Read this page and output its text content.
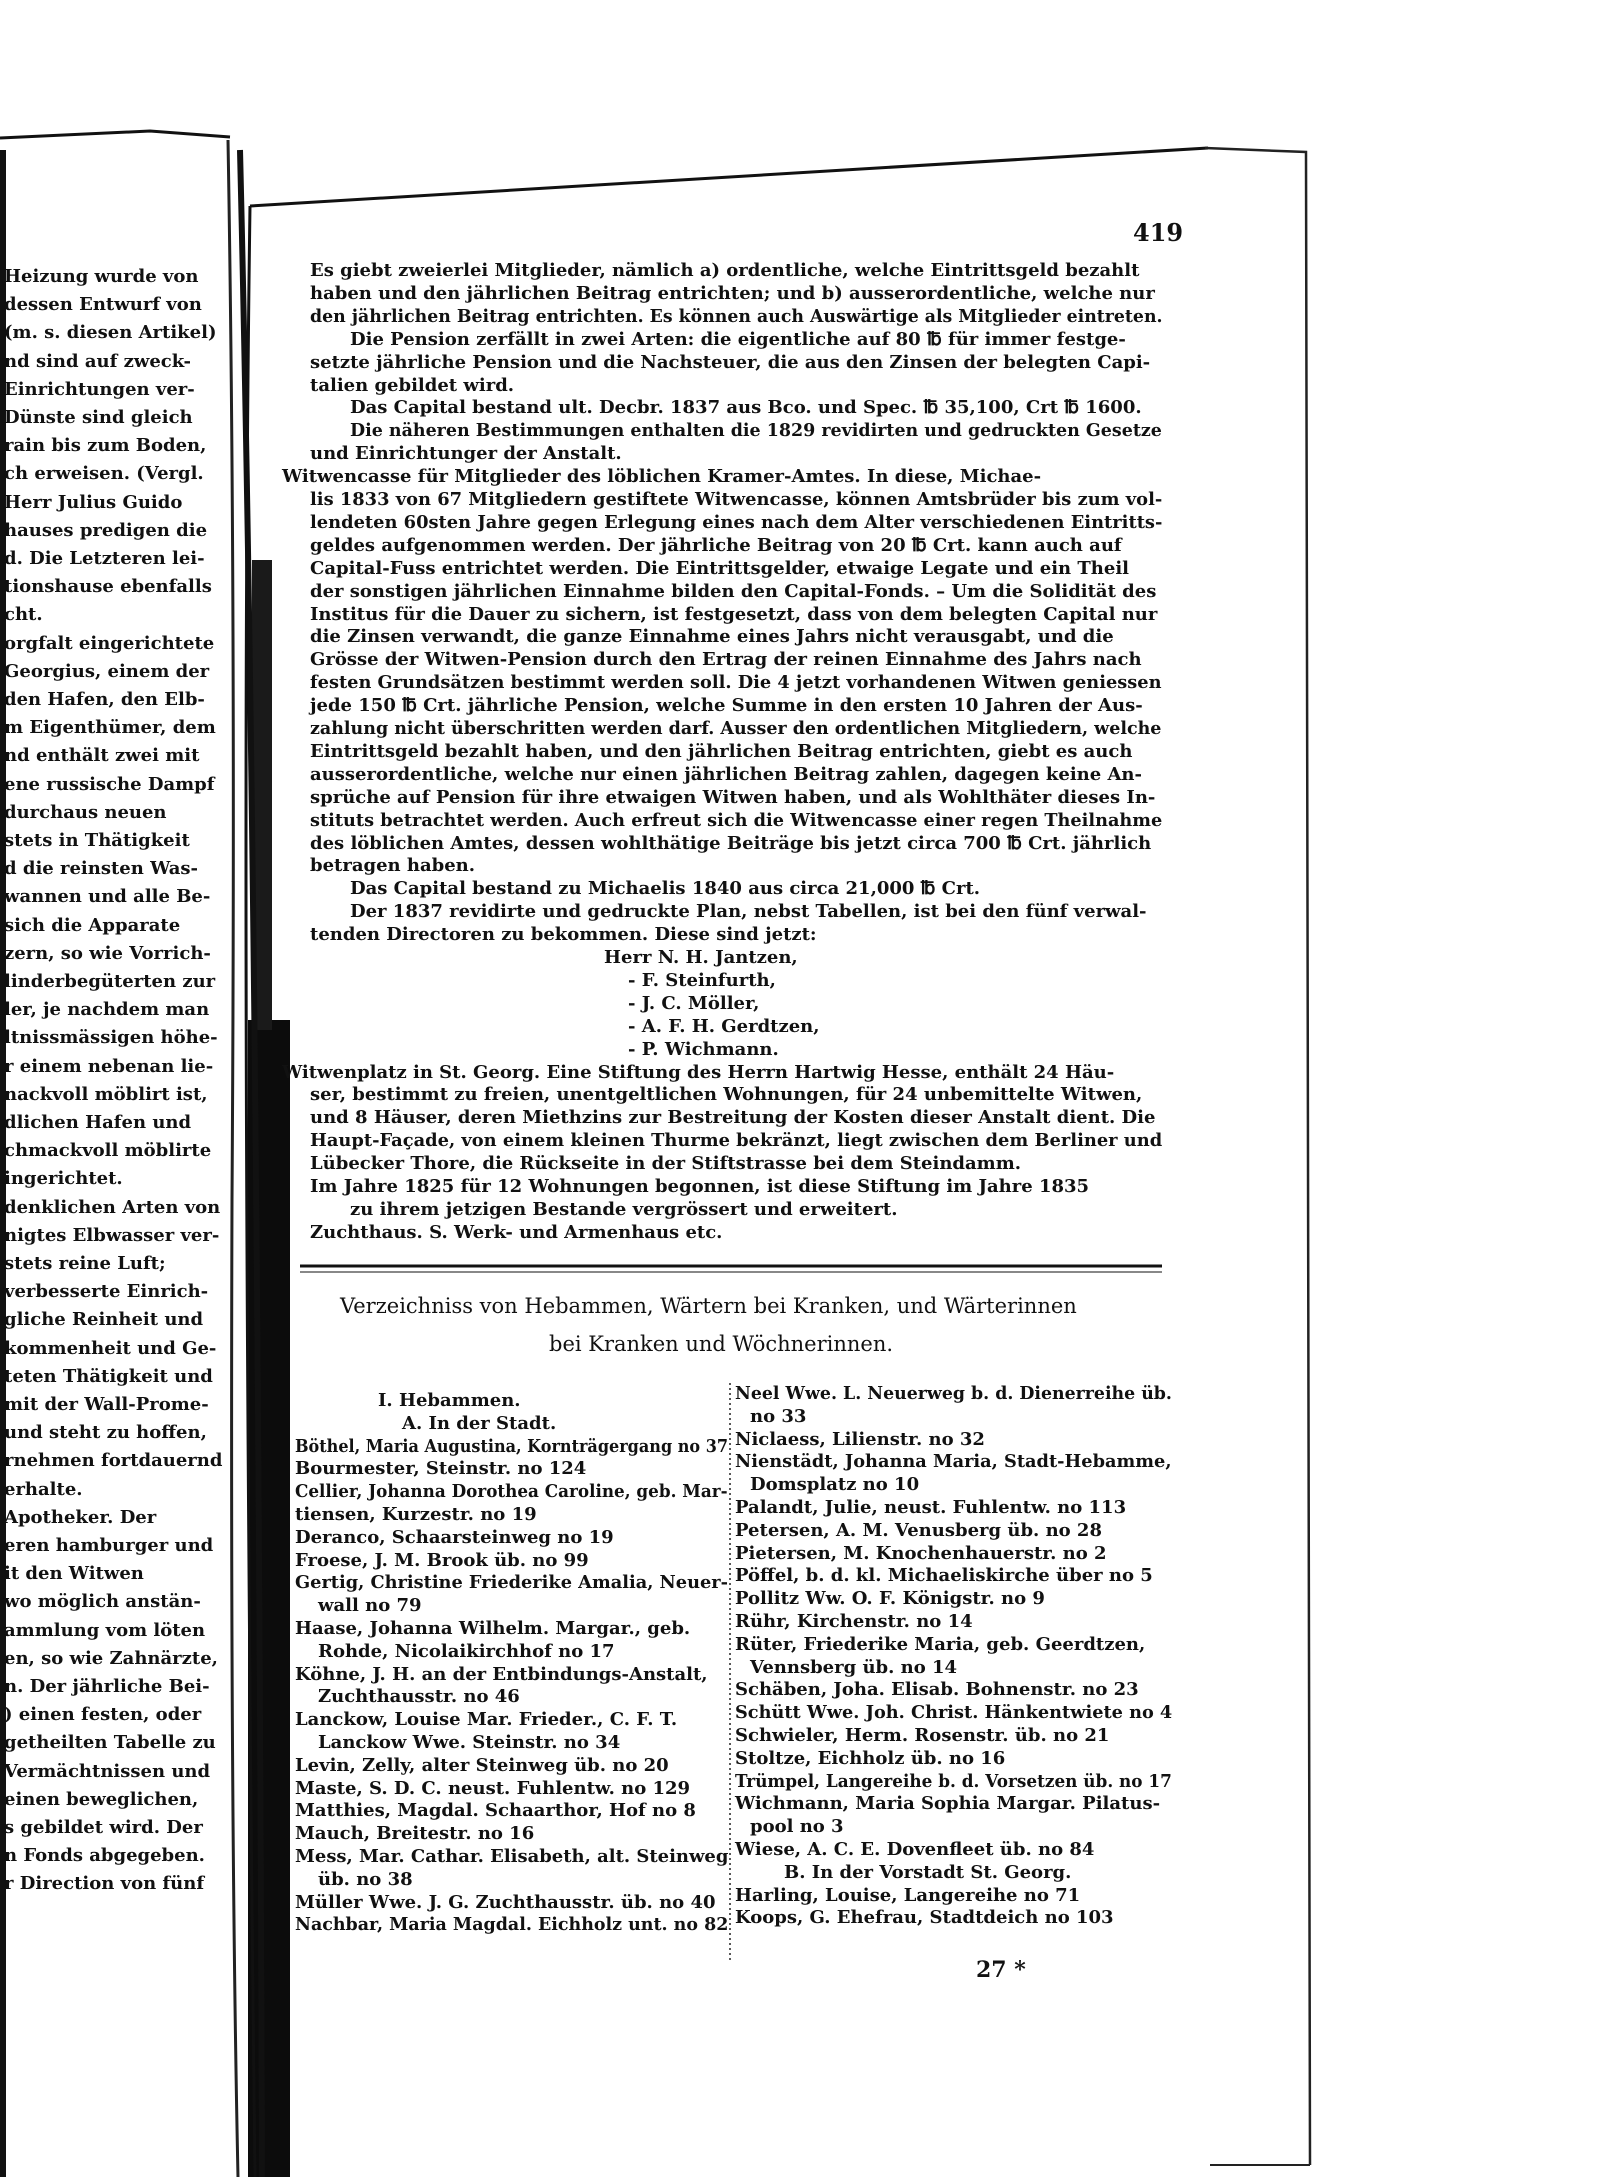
Heizung wurde von
dessen Entwurf von
(m. s. diesen Artikel)
nd sind auf zweck-
Einrichtungen ver-
Dünste sind gleich
rain bis zum Boden,
ch erweisen. (Vergl.
Herr Julius Guido
hauses predigen die
d. Die Letzteren lei-
tionshause ebenfalls
cht.
orgfalt eingerichtete
Georgius, einem der
den Hafen, den Elb-
m Eigenthümer, dem
nd enthält zwei mit
ene russische Dampf
durchaus neuen
stets in Thätigkeit
d die reinsten Was-
wannen und alle Be-
sich die Apparate
zern, so wie Vorrich-
linderbegüterten zur
ler, je nachdem man
ltnissmässigen höhe-
r einem nebenan lie-
nackvoll möblirt ist,
dlichen Hafen und
chmackvoll möblirte
ingerichtet.
denklichen Arten von
nigtes Elbwasser ver-
stets reine Luft;
verbesserte Einrich-
gliche Reinheit und
kommenheit und Ge-
teten Thätigkeit und
mit der Wall-Prome-
und steht zu hoffen,
rnehmen fortdauernd
erhalte.
Apotheker. Der
eren hamburger und
it den Witwen
wo möglich anstän-
ammlung vom löten
en, so wie Zahnärzte,
n. Der jährliche Bei-
) einen festen, oder
getheilten Tabelle zu
Vermächtnissen und
einen beweglichen,
s gebildet wird. Der
n Fonds abgegeben.
r Direction von fünf
419
Es giebt zweierlei Mitglieder, nämlich a) ordentliche, welche Eintrittsgeld bezahlt
haben und den jährlichen Beitrag entrichten; und b) ausserordentliche, welche nur
den jährlichen Beitrag entrichten. Es können auch Auswärtige als Mitglieder eintreten.
Die Pension zerfällt in zwei Arten: die eigentliche auf 80 ℔ für immer festge-
setzte jährliche Pension und die Nachsteuer, die aus den Zinsen der belegten Capi-
talien gebildet wird.
Das Capital bestand ult. Decbr. 1837 aus Bco. und Spec. ℔ 35,100, Crt ℔ 1600.
Die näheren Bestimmungen enthalten die 1829 revidirten und gedruckten Gesetze
und Einrichtunger der Anstalt.
Witwencasse für Mitglieder des löblichen Kramer-Amtes. In diese, Michae-
lis 1833 von 67 Mitgliedern gestiftete Witwencasse, können Amtsbrüder bis zum vol-
lendeten 60sten Jahre gegen Erlegung eines nach dem Alter verschiedenen Eintritts-
geldes aufgenommen werden. Der jährliche Beitrag von 20 ℔ Crt. kann auch auf
Capital-Fuss entrichtet werden. Die Eintrittsgelder, etwaige Legate und ein Theil
der sonstigen jährlichen Einnahme bilden den Capital-Fonds. – Um die Solidität des
Institus für die Dauer zu sichern, ist festgesetzt, dass von dem belegten Capital nur
die Zinsen verwandt, die ganze Einnahme eines Jahrs nicht verausgabt, und die
Grösse der Witwen-Pension durch den Ertrag der reinen Einnahme des Jahrs nach
festen Grundsätzen bestimmt werden soll. Die 4 jetzt vorhandenen Witwen geniessen
jede 150 ℔ Crt. jährliche Pension, welche Summe in den ersten 10 Jahren der Aus-
zahlung nicht überschritten werden darf. Ausser den ordentlichen Mitgliedern, welche
Eintrittsgeld bezahlt haben, und den jährlichen Beitrag entrichten, giebt es auch
ausserordentliche, welche nur einen jährlichen Beitrag zahlen, dagegen keine An-
sprüche auf Pension für ihre etwaigen Witwen haben, und als Wohlthäter dieses In-
stituts betrachtet werden. Auch erfreut sich die Witwencasse einer regen Theilnahme
des löblichen Amtes, dessen wohlthätige Beiträge bis jetzt circa 700 ℔ Crt. jährlich
betragen haben.
Das Capital bestand zu Michaelis 1840 aus circa 21,000 ℔ Crt.
Der 1837 revidirte und gedruckte Plan, nebst Tabellen, ist bei den fünf verwal-
tenden Directoren zu bekommen. Diese sind jetzt:
Herr N. H. Jantzen,
- F. Steinfurth,
- J. C. Möller,
- A. F. H. Gerdtzen,
- P. Wichmann.
Witwenplatz in St. Georg. Eine Stiftung des Herrn Hartwig Hesse, enthält 24 Häu-
ser, bestimmt zu freien, unentgeltlichen Wohnungen, für 24 unbemittelte Witwen,
und 8 Häuser, deren Miethzins zur Bestreitung der Kosten dieser Anstalt dient. Die
Haupt-Façade, von einem kleinen Thurme bekränzt, liegt zwischen dem Berliner und
Lübecker Thore, die Rückseite in der Stiftstrasse bei dem Steindamm.
Im Jahre 1825 für 12 Wohnungen begonnen, ist diese Stiftung im Jahre 1835
zu ihrem jetzigen Bestande vergrössert und erweitert.
Zuchthaus. S. Werk- und Armenhaus etc.
Verzeichniss von Hebammen, Wärtern bei Kranken, und Wärterinnen
bei Kranken und Wöchnerinnen.
I. Hebammen.
A. In der Stadt.
Böthel, Maria Augustina, Kornträgergang no 37
Bourmester, Steinstr. no 124
Cellier, Johanna Dorothea Caroline, geb. Mar-
tiensen, Kurzestr. no 19
Deranco, Schaarsteinweg no 19
Froese, J. M. Brook üb. no 99
Gertig, Christine Friederike Amalia, Neuer-
wall no 79
Haase, Johanna Wilhelm. Margar., geb.
Rohde, Nicolaikirchhof no 17
Köhne, J. H. an der Entbindungs-Anstalt,
Zuchthausstr. no 46
Lanckow, Louise Mar. Frieder., C. F. T.
Lanckow Wwe. Steinstr. no 34
Levin, Zelly, alter Steinweg üb. no 20
Maste, S. D. C. neust. Fuhlentw. no 129
Matthies, Magdal. Schaarthor, Hof no 8
Mauch, Breitestr. no 16
Mess, Mar. Cathar. Elisabeth, alt. Steinweg
üb. no 38
Müller Wwe. J. G. Zuchthausstr. üb. no 40
Nachbar, Maria Magdal. Eichholz unt. no 82
Neel Wwe. L. Neuerweg b. d. Dienerreihe üb.
no 33
Niclaess, Lilienstr. no 32
Nienstädt, Johanna Maria, Stadt-Hebamme,
Domsplatz no 10
Palandt, Julie, neust. Fuhlentw. no 113
Petersen, A. M. Venusberg üb. no 28
Pietersen, M. Knochenhauerstr. no 2
Pöffel, b. d. kl. Michaeliskirche über no 5
Pollitz Ww. O. F. Königstr. no 9
Rühr, Kirchenstr. no 14
Rüter, Friederike Maria, geb. Geerdtzen,
Vennsberg üb. no 14
Schäben, Joha. Elisab. Bohnenstr. no 23
Schütt Wwe. Joh. Christ. Hänkentwiete no 4
Schwieler, Herm. Rosenstr. üb. no 21
Stoltze, Eichholz üb. no 16
Trümpel, Langereihe b. d. Vorsetzen üb. no 17
Wichmann, Maria Sophia Margar. Pilatus-
pool no 3
Wiese, A. C. E. Dovenfleet üb. no 84
B. In der Vorstadt St. Georg.
Harling, Louise, Langereihe no 71
Koops, G. Ehefrau, Stadtdeich no 103
27 *
